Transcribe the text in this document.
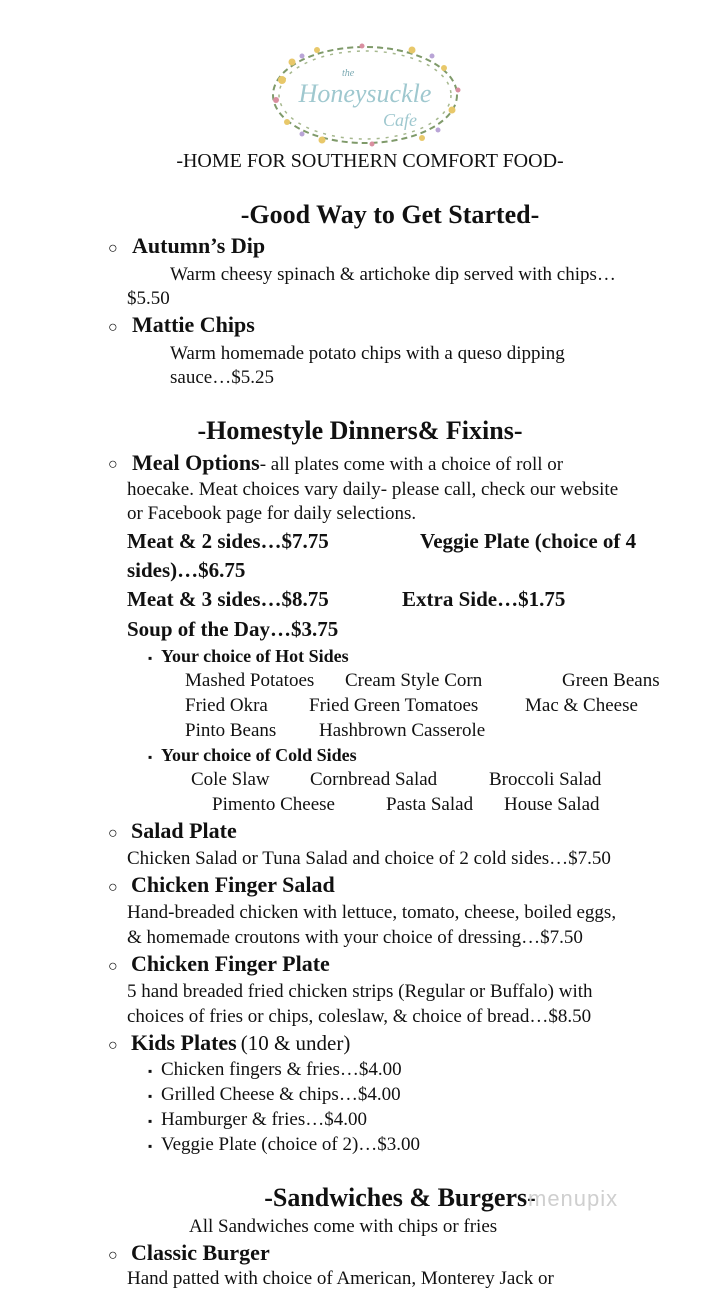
the
Honeysuckle
Cafe
-HOME FOR SOUTHERN COMFORT FOOD-
-Good Way to Get Started-
○ Autumn’s Dip
Warm cheesy spinach & artichoke dip served with chips…
$5.50
○ Mattie Chips
Warm homemade potato chips with a queso dipping
sauce…$5.25
-Homestyle Dinners& Fixins-
○ Meal Options- all plates come with a choice of roll or
hoecake. Meat choices vary daily- please call, check our website
or Facebook page for daily selections.
Meat & 2 sides…$7.75	Veggie Plate (choice of 4
sides)…$6.75
Meat & 3 sides…$8.75	Extra Side…$1.75
Soup of the Day…$3.75
▪ Your choice of Hot Sides
Mashed Potatoes Cream Style Corn	Green Beans
Fried Okra Fried Green Tomatoes Mac & Cheese
Pinto Beans Hashbrown Casserole
▪ Your choice of Cold Sides
Cole Slaw Cornbread Salad	Broccoli Salad
Pimento Cheese	Pasta Salad House Salad
○ Salad Plate
Chicken Salad or Tuna Salad and choice of 2 cold sides…$7.50
○ Chicken Finger Salad
Hand-breaded chicken with lettuce, tomato, cheese, boiled eggs,
& homemade croutons with your choice of dressing…$7.50
○ Chicken Finger Plate
5 hand breaded fried chicken strips (Regular or Buffalo) with
choices of fries or chips, coleslaw, & choice of bread…$8.50
○ Kids Plates (10 & under)
▪ Chicken fingers & fries…$4.00
▪ Grilled Cheese & chips…$4.00
▪ Hamburger & fries…$4.00
▪ Veggie Plate (choice of 2)…$3.00
-Sandwiches & Burgers-
menupix
All Sandwiches come with chips or fries
○ Classic Burger
Hand patted with choice of American, Monterey Jack or
